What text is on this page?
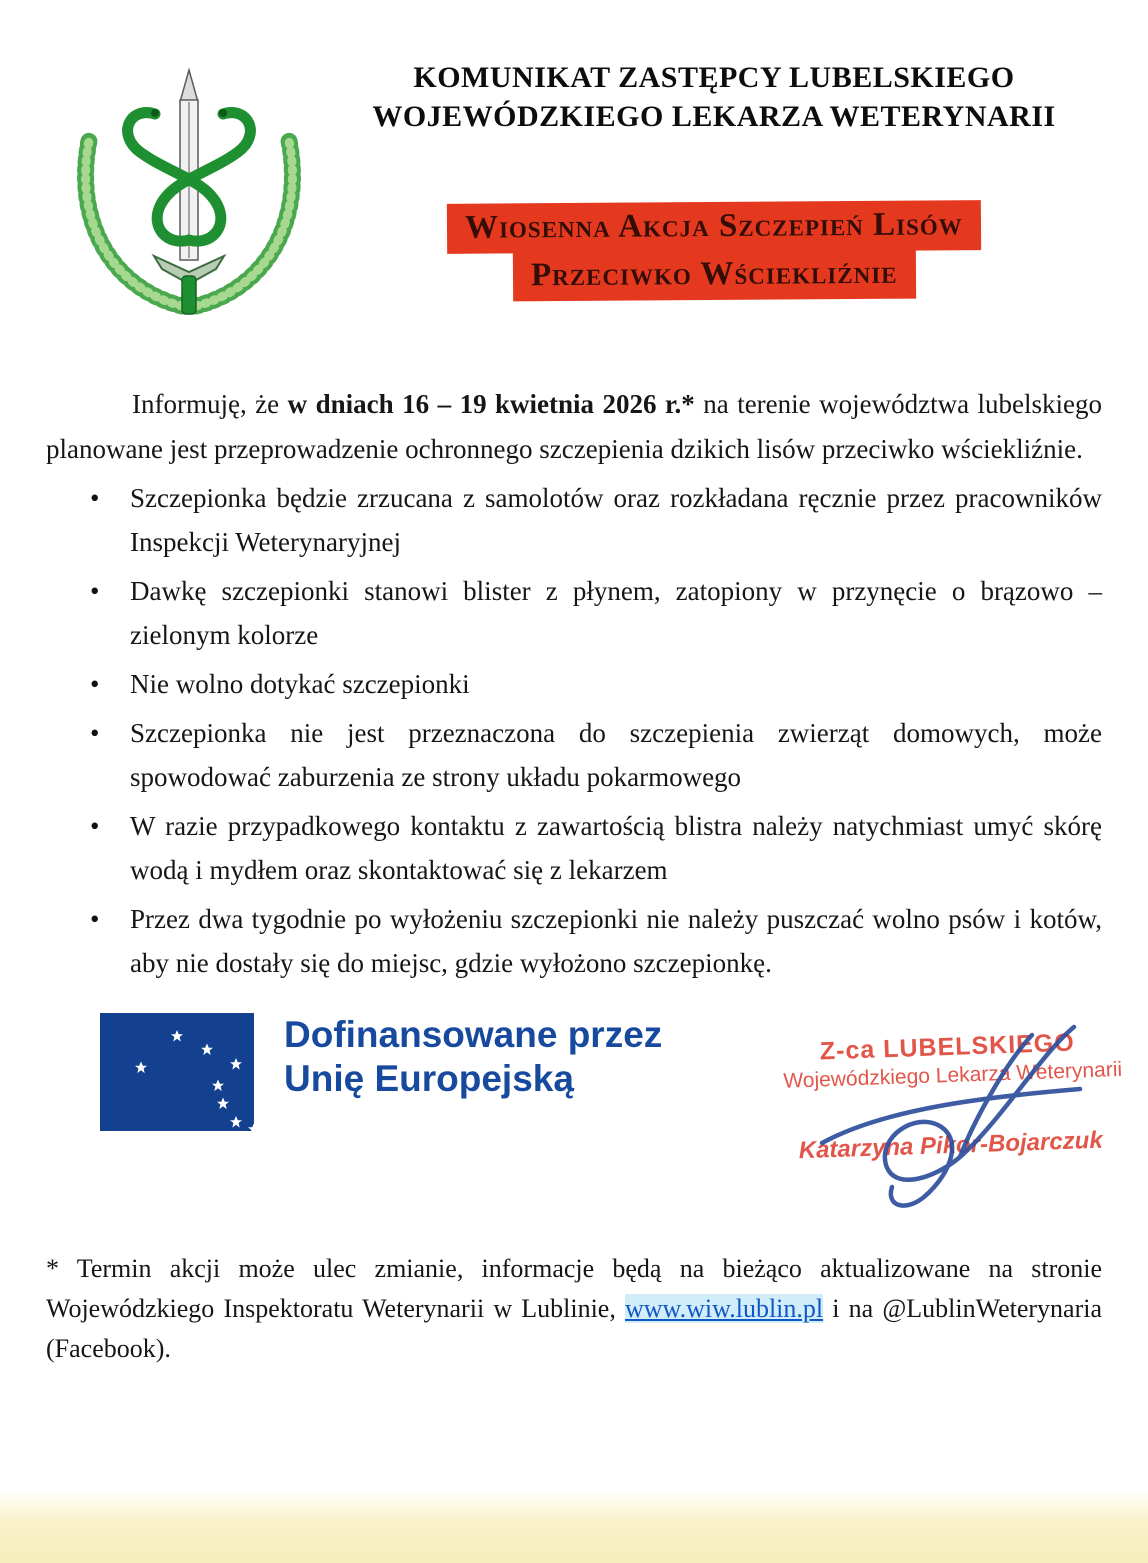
KOMUNIKAT ZASTĘPCY LUBELSKIEGO
WOJEWÓDZKIEGO LEKARZA WETERYNARII
Wiosenna Akcja Szczepień Lisów
Przeciwko Wściekliźnie

Informuję, że w dniach 16 – 19 kwietnia 2026 r.* na terenie województwa lubelskiego planowane jest przeprowadzenie ochronnego szczepienia dzikich lisów przeciwko wściekliźnie.

• Szczepionka będzie zrzucana z samolotów oraz rozkładana ręcznie przez pracowników Inspekcji Weterynaryjnej
• Dawkę szczepionki stanowi blister z płynem, zatopiony w przynęcie o brązowo – zielonym kolorze
• Nie wolno dotykać szczepionki
• Szczepionka nie jest przeznaczona do szczepienia zwierząt domowych, może spowodować zaburzenia ze strony układu pokarmowego
• W razie przypadkowego kontaktu z zawartością blistra należy natychmiast umyć skórę wodą i mydłem oraz skontaktować się z lekarzem
• Przez dwa tygodnie po wyłożeniu szczepionki nie należy puszczać wolno psów i kotów, aby nie dostały się do miejsc, gdzie wyłożono szczepionkę.
Dofinansowane przez
Unię Europejską
Z-ca LUBELSKIEGO
Wojewódzkiego Lekarza Weterynarii
Katarzyna Pikor-Bojarczuk
* Termin akcji może ulec zmianie, informacje będą na bieżąco aktualizowane na stronie Wojewódzkiego Inspektoratu Weterynarii w Lublinie, www.wiw.lublin.pl i na @LublinWeterynaria (Facebook).
